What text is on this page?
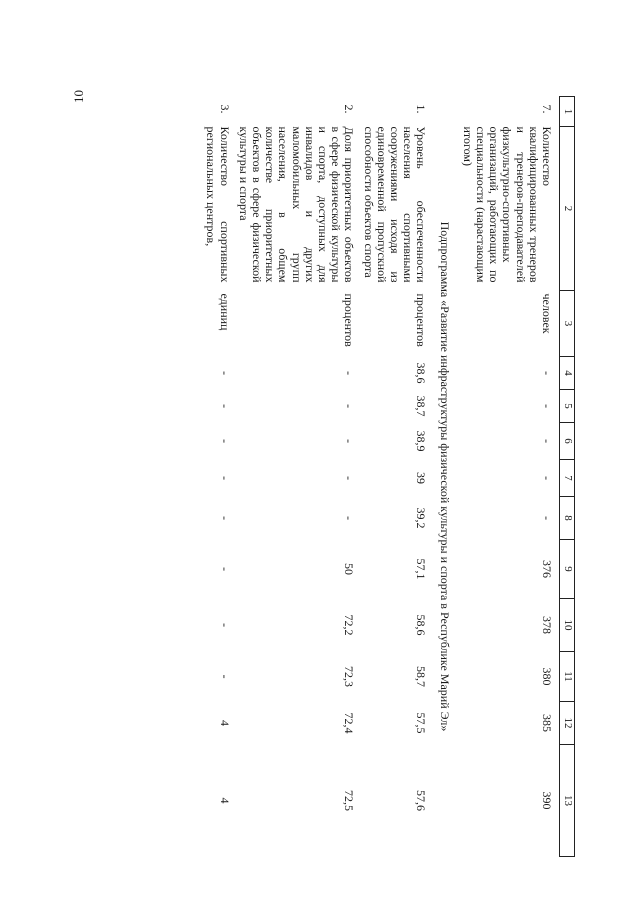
10
1	2	3	4	5	6	7	8	9	10	11	12	13
7.	Количество квалифицированных тренеров и тренеров-преподавателей физкультурно-спортивных организаций, работающих по специальности (нарастающим итогом)	человек	-	-	-	-	-	376	378	380	385	390
Подпрограмма «Развитие инфраструктуры физической культуры и спорта в Республике Марий Эл»												
1.	Уровень обеспеченности населения спортивными сооружениями исходя из единовременной пропускной способности объектов спорта	процентов	38,6	38,7	38,9	39	39,2	57,1	58,6	58,7	57,5	57,6
2.	Доля приоритетных объектов в сфере физической культуры и спорта, доступных для инвалидов и других маломобильных групп населения, в общем количестве приоритетных объектов в сфере физической культуры и спорта	процентов	-	-	-	-	-	50	72,2	72,3	72,4	72,5
3.	Количество спортивных региональных центров,	единиц	-	-	-	-	-	-	-	-	4	4
